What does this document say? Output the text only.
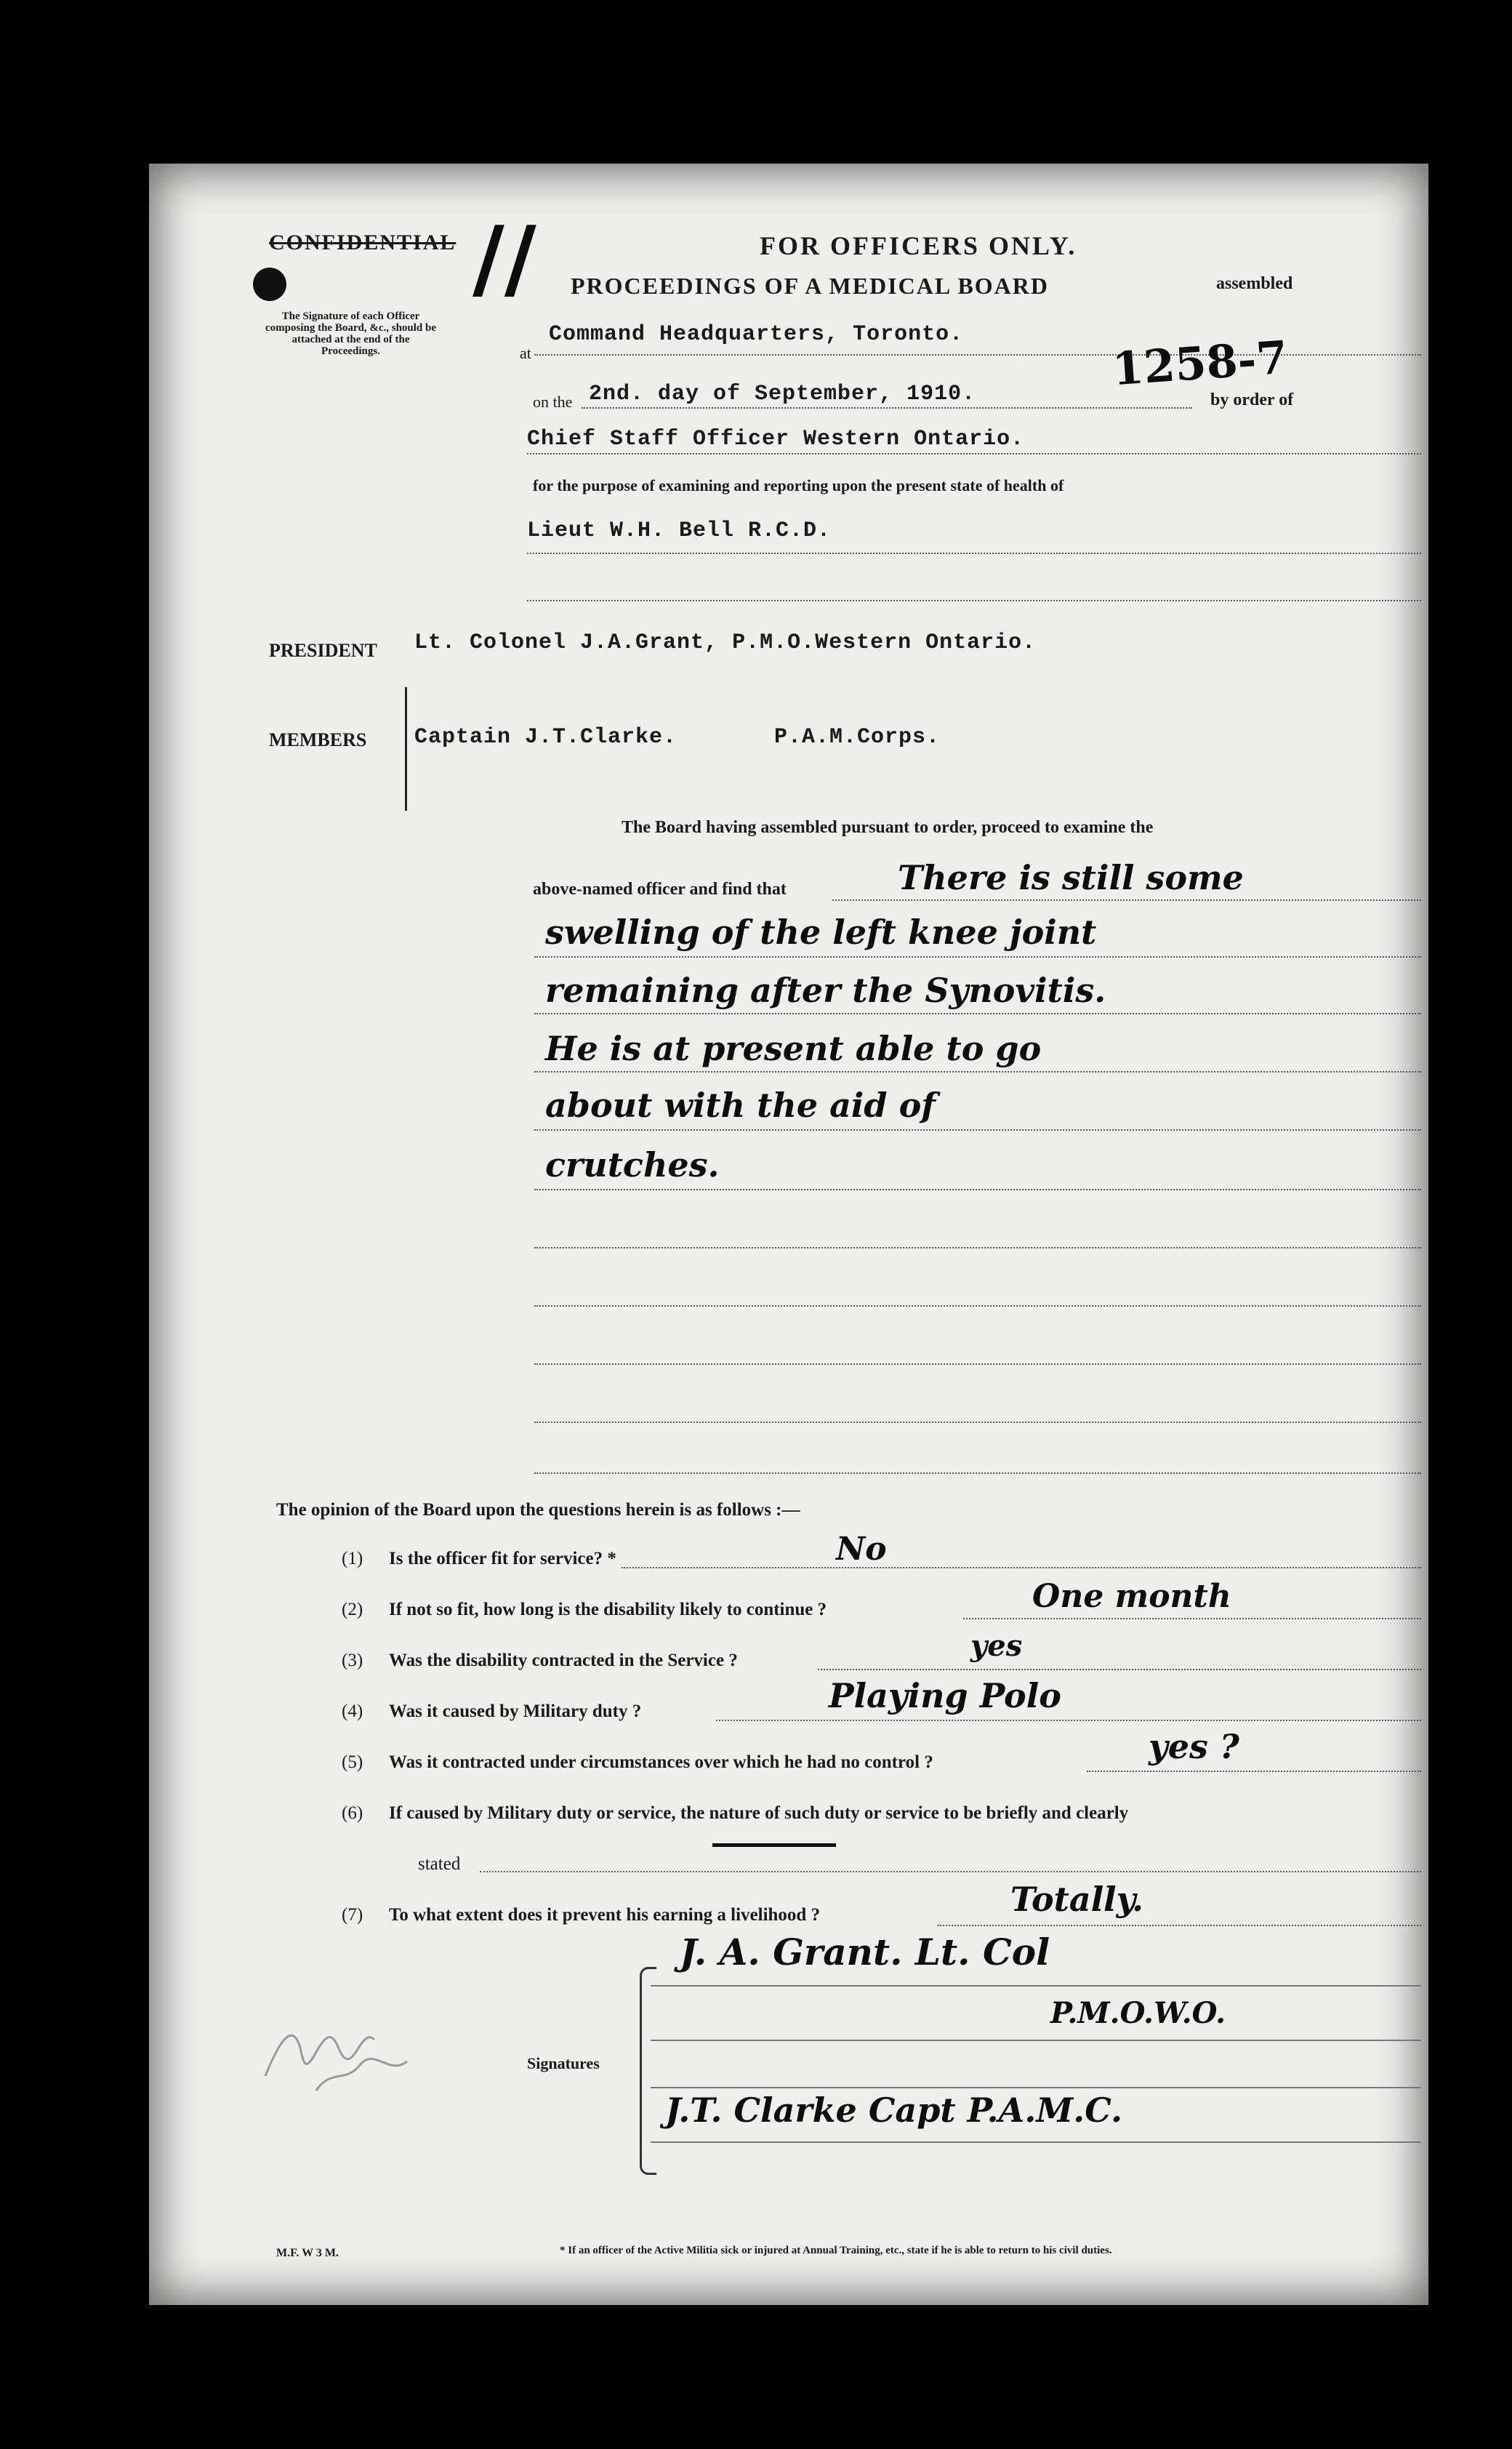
CONFIDENTIAL //	FOR OFFICERS ONLY.
PROCEEDINGS OF A MEDICAL BOARD	assembled
The Signature of each Officer composing the Board, &c., should be attached at the end of the Proceedings.	at
Command Headquarters, Toronto.	1258-7
on the 2nd. day of September, 1910.	by order of
Chief Staff Officer Western Ontario.
for the purpose of examining and reporting upon the present state of health of
Lieut W.H. Bell R.C.D.
PRESIDENT Lt. Colonel J.A.Grant, P.M.O.Western Ontario.
MEMBERS Captain J.T.Clarke.	P.A.M.Corps.
The Board having assembled pursuant to order, proceed to examine the
above-named officer and find that	There is still some
swelling of the left knee joint
remaining after the Synovitis.
He is at present able to go
about with the aid of
crutches.
The opinion of the Board upon the questions herein is as follows :—
(1) Is the officer fit for service? *	No
(2) If not so fit, how long is the disability likely to continue ?	One month
(3) Was the disability contracted in the Service ?	yes
(4) Was it caused by Military duty ?	Playing Polo
(5) Was it contracted under circumstances over which he had no control ?	yes ?
(6) If caused by Military duty or service, the nature of such duty or service to be briefly and clearly
stated
(7) To what extent does it prevent his earning a livelihood ?	Totally.
Signatures
J. A. Grant. Lt. Col
P.M.O.W.O.
J.T. Clarke Capt P.A.M.C.
M.F. W 3 M.	* If an officer of the Active Militia sick or injured at Annual Training, etc., state if he is able to return to his civil duties.
